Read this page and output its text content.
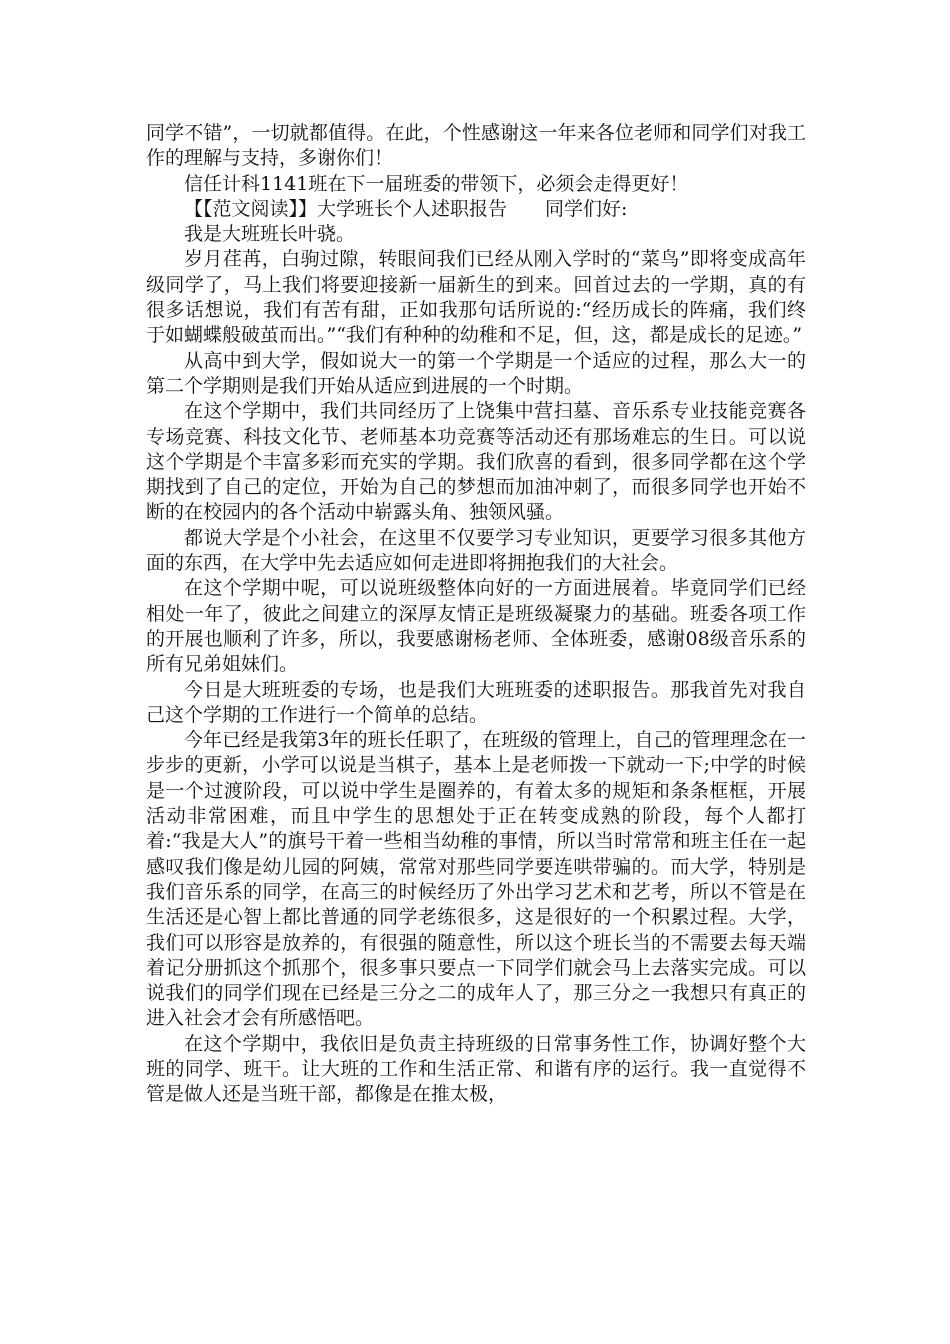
同学不错”，一切就都值得。在此，个性感谢这一年来各位老师和同学们对我工作的理解与支持，多谢你们！

信任计科1141班在下一届班委的带领下，必须会走得更好！

【【范文阅读】】大学班长个人述职报告　　同学们好:

我是大班班长叶骁。

岁月荏苒，白驹过隙，转眼间我们已经从刚入学时的“菜鸟”即将变成高年级同学了，马上我们将要迎接新一届新生的到来。回首过去的一学期，真的有很多话想说，我们有苦有甜，正如我那句话所说的:“经历成长的阵痛，我们终于如蝴蝶般破茧而出。”“我们有种种的幼稚和不足，但，这，都是成长的足迹。”

从高中到大学，假如说大一的第一个学期是一个适应的过程，那么大一的第二个学期则是我们开始从适应到进展的一个时期。

在这个学期中，我们共同经历了上饶集中营扫墓、音乐系专业技能竞赛各专场竞赛、科技文化节、老师基本功竞赛等活动还有那场难忘的生日。可以说这个学期是个丰富多彩而充实的学期。我们欣喜的看到，很多同学都在这个学期找到了自己的定位，开始为自己的梦想而加油冲刺了，而很多同学也开始不断的在校园内的各个活动中崭露头角、独领风骚。

都说大学是个小社会，在这里不仅要学习专业知识，更要学习很多其他方面的东西，在大学中先去适应如何走进即将拥抱我们的大社会。

在这个学期中呢，可以说班级整体向好的一方面进展着。毕竟同学们已经相处一年了，彼此之间建立的深厚友情正是班级凝聚力的基础。班委各项工作的开展也顺利了许多，所以，我要感谢杨老师、全体班委，感谢08级音乐系的所有兄弟姐妹们。

今日是大班班委的专场，也是我们大班班委的述职报告。那我首先对我自己这个学期的工作进行一个简单的总结。

今年已经是我第3年的班长任职了，在班级的管理上，自己的管理理念在一步步的更新，小学可以说是当棋子，基本上是老师拨一下就动一下;中学的时候是一个过渡阶段，可以说中学生是圈养的，有着太多的规矩和条条框框，开展活动非常困难，而且中学生的思想处于正在转变成熟的阶段，每个人都打着:“我是大人”的旗号干着一些相当幼稚的事情，所以当时常常和班主任在一起感叹我们像是幼儿园的阿姨，常常对那些同学要连哄带骗的。而大学，特别是我们音乐系的同学，在高三的时候经历了外出学习艺术和艺考，所以不管是在生活还是心智上都比普通的同学老练很多，这是很好的一个积累过程。大学，我们可以形容是放养的，有很强的随意性，所以这个班长当的不需要去每天端着记分册抓这个抓那个，很多事只要点一下同学们就会马上去落实完成。可以说我们的同学们现在已经是三分之二的成年人了，那三分之一我想只有真正的进入社会才会有所感悟吧。

在这个学期中，我依旧是负责主持班级的日常事务性工作，协调好整个大班的同学、班干。让大班的工作和生活正常、和谐有序的运行。我一直觉得不管是做人还是当班干部，都像是在推太极，
